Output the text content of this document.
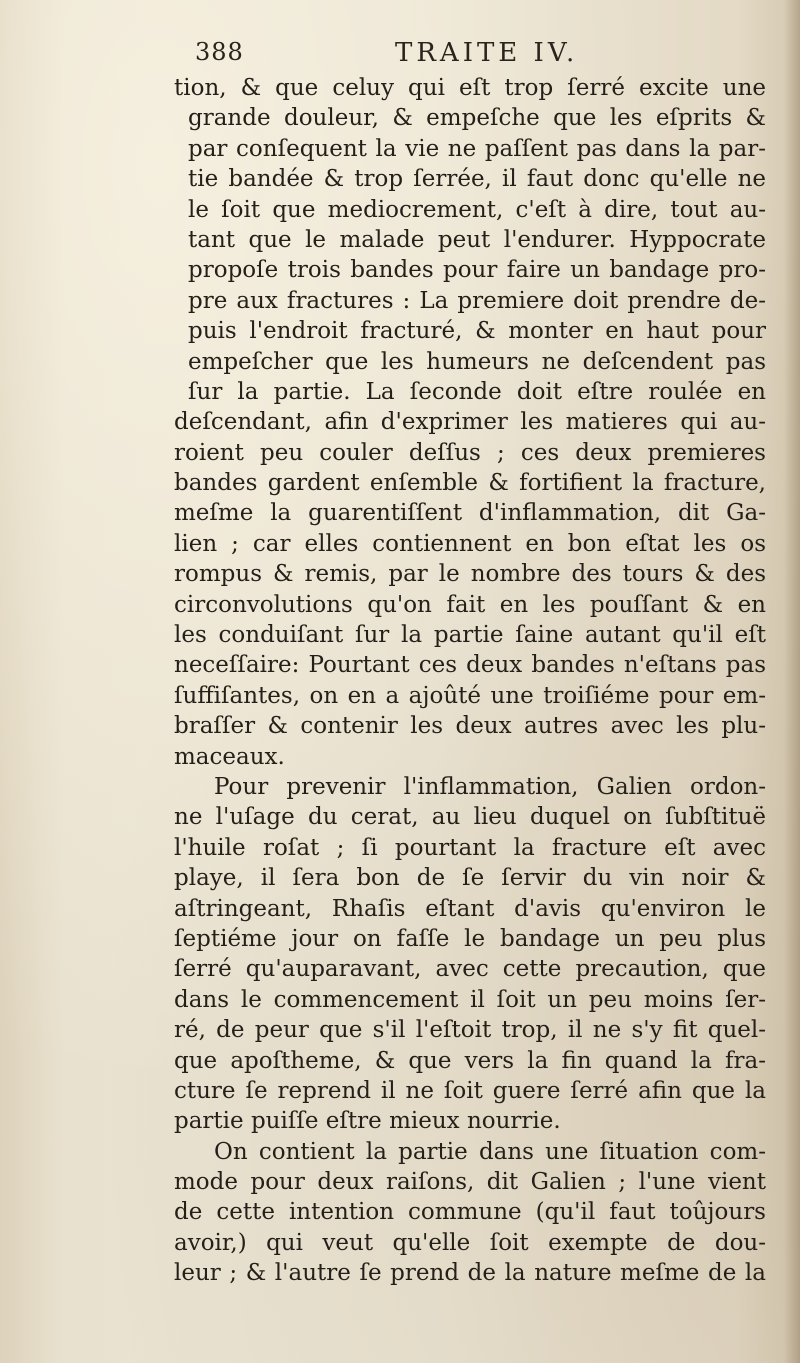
388	TRAITE IV.
tion, & que celuy qui eſt trop ſerré excite une
grande douleur, & empeſche que les eſprits &
par conſequent la vie ne paſſent pas dans la par-
tie bandée & trop ſerrée, il faut donc qu'elle ne
le ſoit que mediocrement, c'eſt à dire, tout au-
tant que le malade peut l'endurer. Hyppocrate
propoſe trois bandes pour faire un bandage pro-
pre aux fractures : La premiere doit prendre de-
puis l'endroit fracturé, & monter en haut pour
empeſcher que les humeurs ne deſcendent pas
ſur la partie. La ſeconde doit eſtre roulée en
deſcendant, afin d'exprimer les matieres qui au-
roient peu couler deſſus ; ces deux premieres
bandes gardent enſemble & fortifient la fracture,
meſme la guarentiſſent d'inflammation, dit Ga-
lien ; car elles contiennent en bon eſtat les os
rompus & remis, par le nombre des tours & des
circonvolutions qu'on fait en les pouſſant & en
les conduiſant ſur la partie ſaine autant qu'il eſt
neceſſaire: Pourtant ces deux bandes n'eſtans pas
ſuffiſantes, on en a ajoûté une troiſiéme pour em-
braſſer & contenir les deux autres avec les plu-
maceaux.
Pour prevenir l'inflammation, Galien ordon-
ne l'uſage du cerat, au lieu duquel on ſubſtituë
l'huile roſat ; ſi pourtant la fracture eſt avec
playe, il ſera bon de ſe ſervir du vin noir &
aſtringeant, Rhaſis eſtant d'avis qu'environ le
ſeptiéme jour on faſſe le bandage un peu plus
ſerré qu'auparavant, avec cette precaution, que
dans le commencement il ſoit un peu moins ſer-
ré, de peur que s'il l'eſtoit trop, il ne s'y fit quel-
que apoſtheme, & que vers la fin quand la fra-
cture ſe reprend il ne ſoit guere ſerré afin que la
partie puiſſe eſtre mieux nourrie.
On contient la partie dans une ſituation com-
mode pour deux raiſons, dit Galien ; l'une vient
de cette intention commune (qu'il faut toûjours
avoir,) qui veut qu'elle ſoit exempte de dou-
leur ; & l'autre ſe prend de la nature meſme de la
